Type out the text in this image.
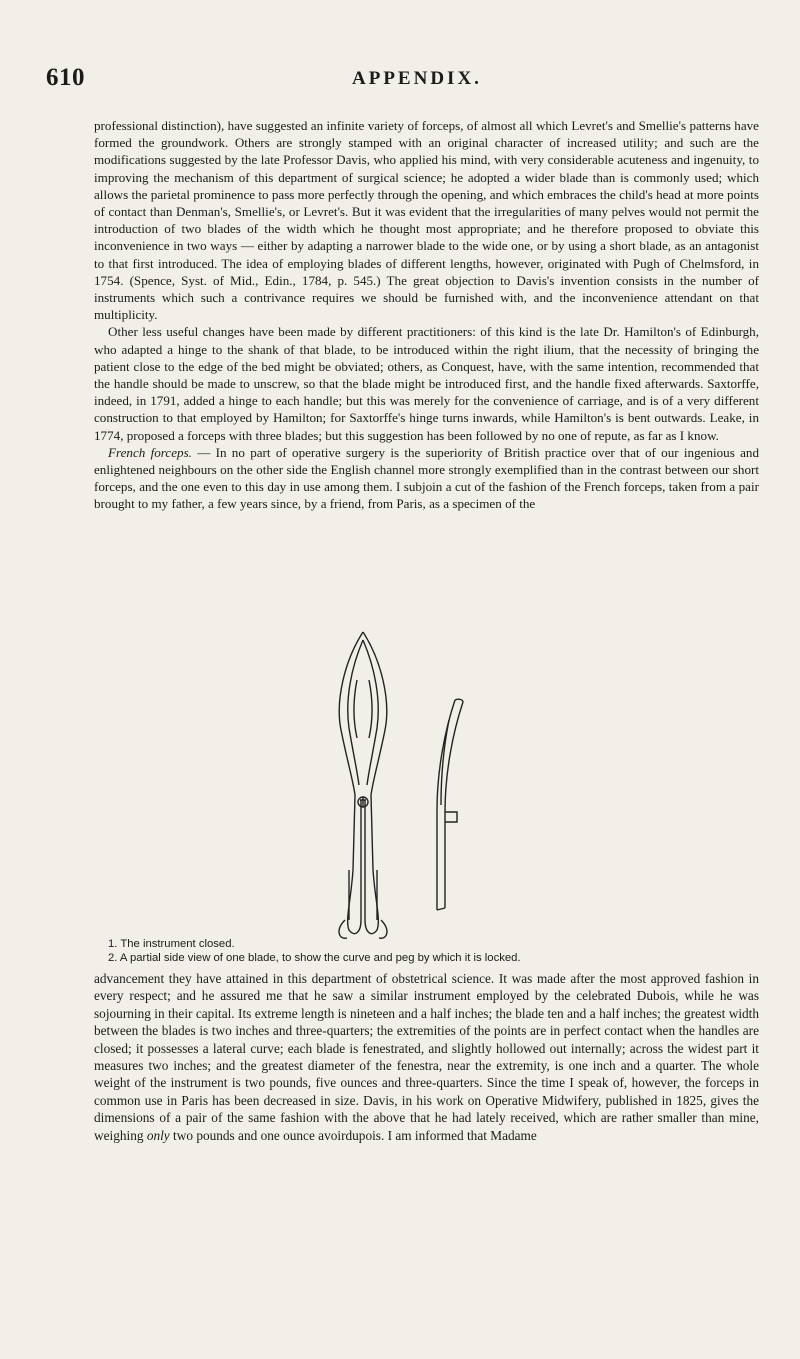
610	APPENDIX.

professional distinction), have suggested an infinite variety of forceps, of almost all which Levret's and Smellie's patterns have formed the groundwork. Others are strongly stamped with an original character of increased utility; and such are the modifications suggested by the late Professor Davis, who applied his mind, with very considerable acuteness and ingenuity, to improving the mechanism of this department of surgical science; he adopted a wider blade than is commonly used; which allows the parietal prominence to pass more perfectly through the opening, and which embraces the child's head at more points of contact than Denman's, Smellie's, or Levret's. But it was evident that the irregularities of many pelves would not permit the introduction of two blades of the width which he thought most appropriate; and he therefore proposed to obviate this inconvenience in two ways — either by adapting a narrower blade to the wide one, or by using a short blade, as an antagonist to that first introduced. The idea of employing blades of different lengths, however, originated with Pugh of Chelmsford, in 1754. (Spence, Syst. of Mid., Edin., 1784, p. 545.) The great objection to Davis's invention consists in the number of instruments which such a contrivance requires we should be furnished with, and the inconvenience attendant on that multiplicity.

Other less useful changes have been made by different practitioners: of this kind is the late Dr. Hamilton's of Edinburgh, who adapted a hinge to the shank of that blade, to be introduced within the right ilium, that the necessity of bringing the patient close to the edge of the bed might be obviated; others, as Conquest, have, with the same intention, recommended that the handle should be made to unscrew, so that the blade might be introduced first, and the handle fixed afterwards. Saxtorffe, indeed, in 1791, added a hinge to each handle; but this was merely for the convenience of carriage, and is of a very different construction to that employed by Hamilton; for Saxtorffe's hinge turns inwards, while Hamilton's is bent outwards. Leake, in 1774, proposed a forceps with three blades; but this suggestion has been followed by no one of repute, as far as I know.

French forceps. — In no part of operative surgery is the superiority of British practice over that of our ingenious and enlightened neighbours on the other side the English channel more strongly exemplified than in the contrast between our short forceps, and the one even to this day in use among them. I subjoin a cut of the fashion of the French forceps, taken from a pair brought to my father, a few years since, by a friend, from Paris, as a specimen of the

1. The instrument closed.
2. A partial side view of one blade, to show the curve and peg by which it is locked.

advancement they have attained in this department of obstetrical science. It was made after the most approved fashion in every respect; and he assured me that he saw a similar instrument employed by the celebrated Dubois, while he was sojourning in their capital. Its extreme length is nineteen and a half inches; the blade ten and a half inches; the greatest width between the blades is two inches and three-quarters; the extremities of the points are in perfect contact when the handles are closed; it possesses a lateral curve; each blade is fenestrated, and slightly hollowed out internally; across the widest part it measures two inches; and the greatest diameter of the fenestra, near the extremity, is one inch and a quarter. The whole weight of the instrument is two pounds, five ounces and three-quarters. Since the time I speak of, however, the forceps in common use in Paris has been decreased in size. Davis, in his work on Operative Midwifery, published in 1825, gives the dimensions of a pair of the same fashion with the above that he had lately received, which are rather smaller than mine, weighing only two pounds and one ounce avoirdupois. I am informed that Madame
